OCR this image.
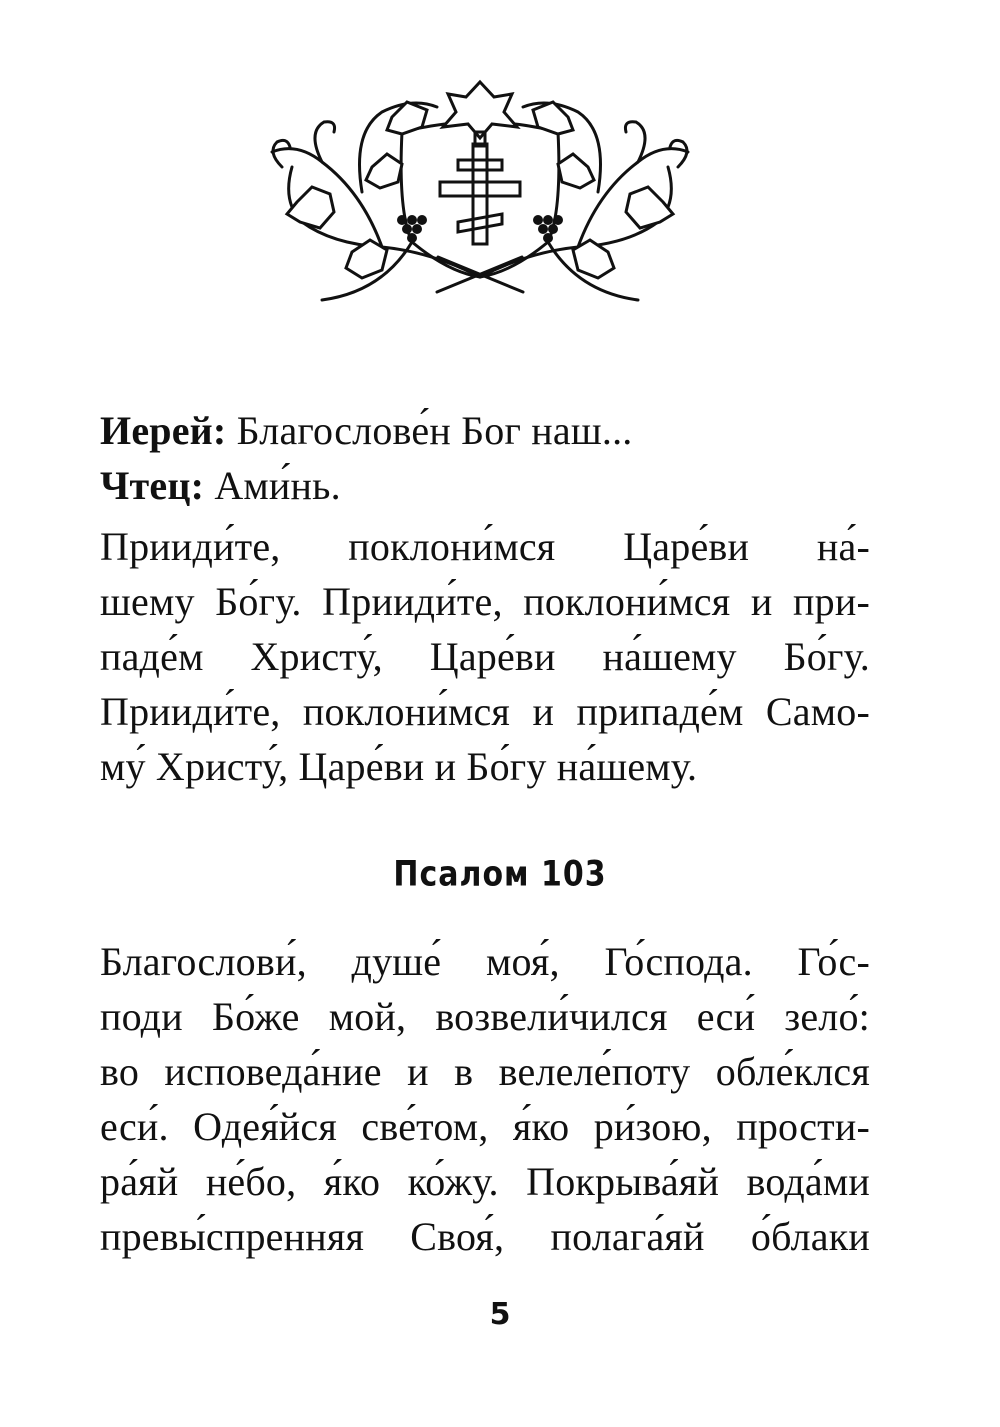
Иерей: Благослове́н Бог наш...
Чтец: Ами́нь.
Прииди́те, поклони́мся Царе́ви на́-
шему Бо́гу. Прииди́те, поклони́мся и при-
паде́м Христу́, Царе́ви на́шему Бо́гу.
Прииди́те, поклони́мся и припаде́м Само-
му́ Христу́, Царе́ви и Бо́гу на́шему.
Псалом 103
Благослови́, душе́ моя́, Го́спода. Го́с-
поди Бо́же мой, возвели́чился еси́ зело́:
во исповеда́ние и в велеле́поту обле́клся
еси́. Одея́йся све́том, я́ко ри́зою, прости-
ра́яй не́бо, я́ко ко́жу. Покрыва́яй вода́ми
превы́спренняя Своя́, полага́яй о́блаки
5
